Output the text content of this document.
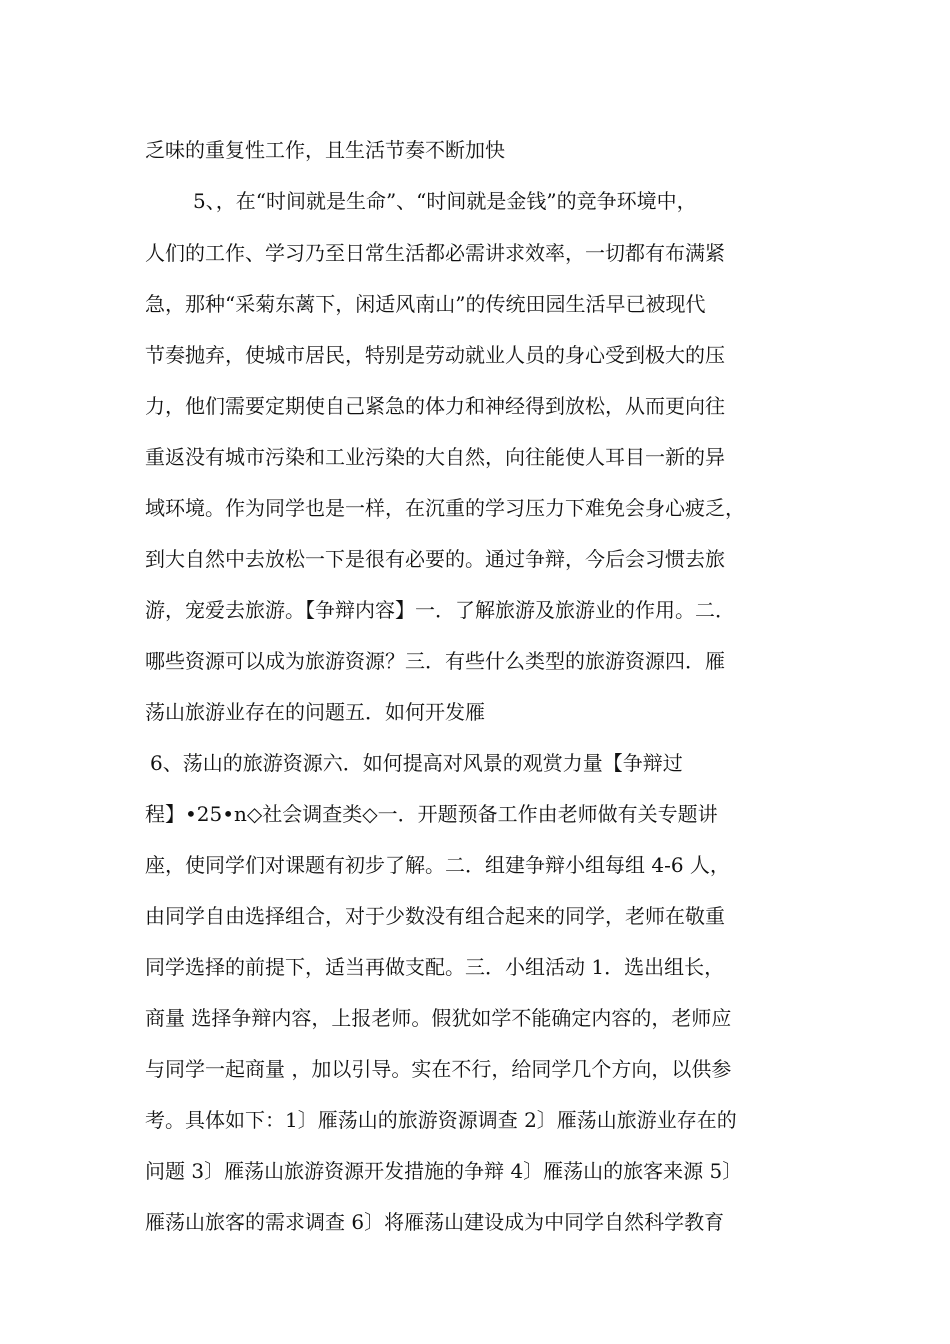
乏味的重复性工作，且生活节奏不断加快

5、，在“时间就是生命”、“时间就是金钱”的竞争环境中，

人们的工作、学习乃至日常生活都必需讲求效率，一切都有布满紧

急，那种“采菊东蓠下，闲适风南山”的传统田园生活早已被现代

节奏抛弃，使城市居民，特别是劳动就业人员的身心受到极大的压

力，他们需要定期使自己紧急的体力和神经得到放松，从而更向往

重返没有城市污染和工业污染的大自然，向往能使人耳目一新的异

域环境。作为同学也是一样，在沉重的学习压力下难免会身心疲乏，

到大自然中去放松一下是很有必要的。通过争辩，今后会习惯去旅

游，宠爱去旅游。【争辩内容】一．了解旅游及旅游业的作用。二．

哪些资源可以成为旅游资源？三．有些什么类型的旅游资源四．雁

荡山旅游业存在的问题五．如何开发雁

6、荡山的旅游资源六．如何提高对风景的观赏力量【争辩过

程】•25•n◇社会调查类◇一．开题预备工作由老师做有关专题讲

座，使同学们对课题有初步了解。二．组建争辩小组每组 4-6 人，

由同学自由选择组合，对于少数没有组合起来的同学，老师在敬重

同学选择的前提下，适当再做支配。三．小组活动 1．选出组长，

商量 选择争辩内容，上报老师。假犹如学不能确定内容的，老师应

与同学一起商量 ，加以引导。实在不行，给同学几个方向，以供参

考。具体如下：1〕雁荡山的旅游资源调查 2〕雁荡山旅游业存在的

问题 3〕雁荡山旅游资源开发措施的争辩 4〕雁荡山的旅客来源 5〕

雁荡山旅客的需求调查 6〕将雁荡山建设成为中同学自然科学教育
